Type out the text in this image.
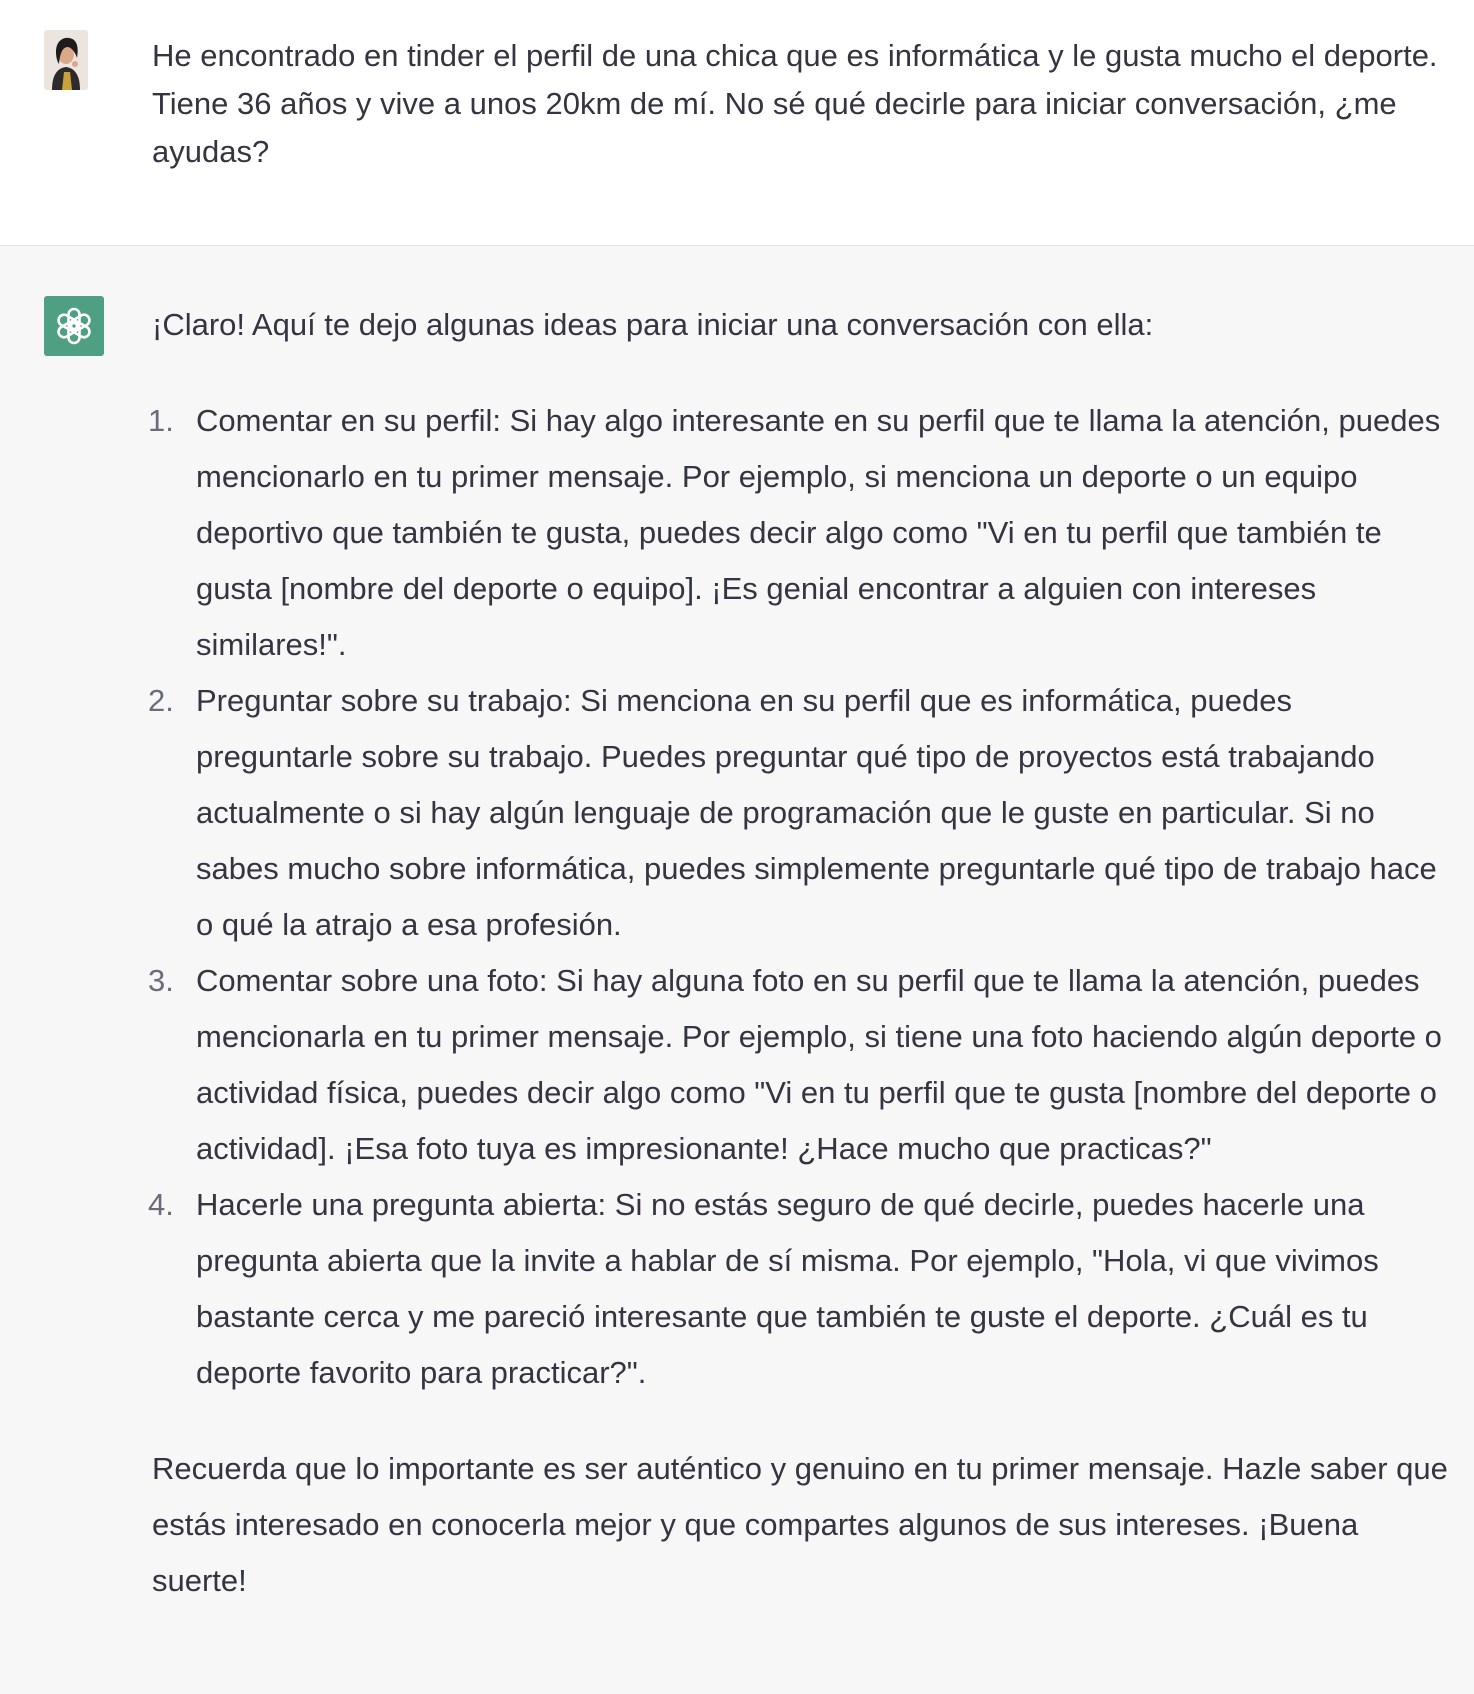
He encontrado en tinder el perfil de una chica que es informática y le gusta mucho el deporte. Tiene 36 años y vive a unos 20km de mí. No sé qué decirle para iniciar conversación, ¿me ayudas?

¡Claro! Aquí te dejo algunas ideas para iniciar una conversación con ella:

1. Comentar en su perfil: Si hay algo interesante en su perfil que te llama la atención, puedes mencionarlo en tu primer mensaje. Por ejemplo, si menciona un deporte o un equipo deportivo que también te gusta, puedes decir algo como "Vi en tu perfil que también te gusta [nombre del deporte o equipo]. ¡Es genial encontrar a alguien con intereses similares!".
2. Preguntar sobre su trabajo: Si menciona en su perfil que es informática, puedes preguntarle sobre su trabajo. Puedes preguntar qué tipo de proyectos está trabajando actualmente o si hay algún lenguaje de programación que le guste en particular. Si no sabes mucho sobre informática, puedes simplemente preguntarle qué tipo de trabajo hace o qué la atrajo a esa profesión.
3. Comentar sobre una foto: Si hay alguna foto en su perfil que te llama la atención, puedes mencionarla en tu primer mensaje. Por ejemplo, si tiene una foto haciendo algún deporte o actividad física, puedes decir algo como "Vi en tu perfil que te gusta [nombre del deporte o actividad]. ¡Esa foto tuya es impresionante! ¿Hace mucho que practicas?"
4. Hacerle una pregunta abierta: Si no estás seguro de qué decirle, puedes hacerle una pregunta abierta que la invite a hablar de sí misma. Por ejemplo, "Hola, vi que vivimos bastante cerca y me pareció interesante que también te guste el deporte. ¿Cuál es tu deporte favorito para practicar?".

Recuerda que lo importante es ser auténtico y genuino en tu primer mensaje. Hazle saber que estás interesado en conocerla mejor y que compartes algunos de sus intereses. ¡Buena suerte!
